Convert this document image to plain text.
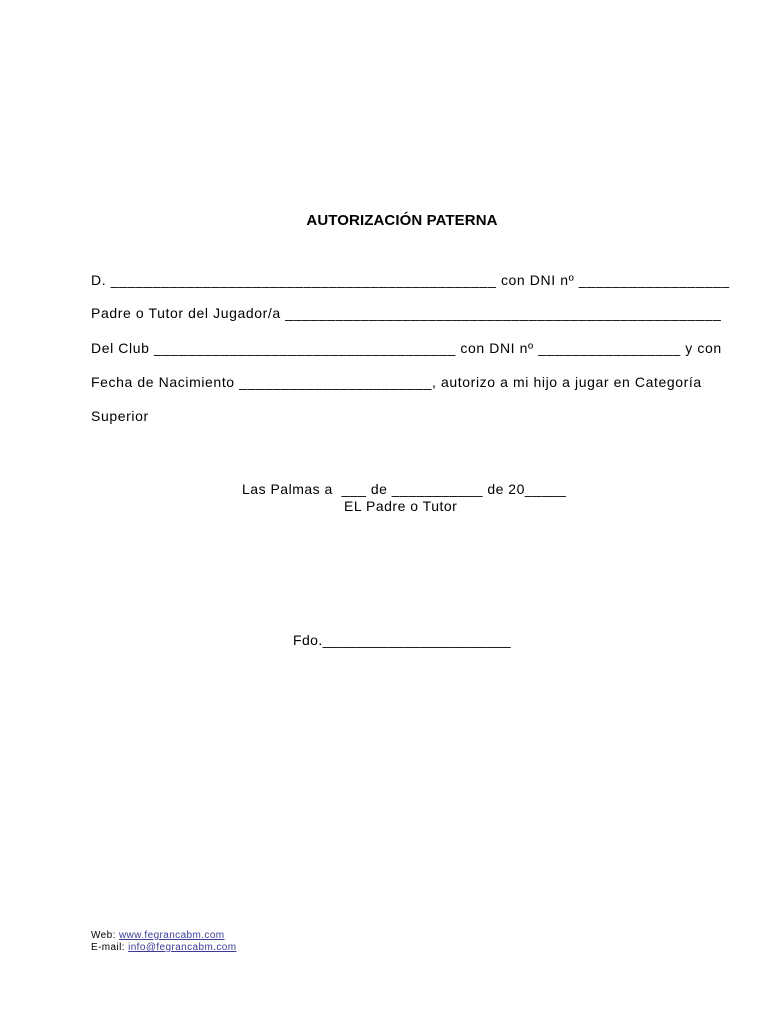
AUTORIZACIÓN PATERNA
D. ______________________________________________ con DNI nº __________________
Padre o Tutor del Jugador/a ____________________________________________________
Del Club ____________________________________ con DNI nº _________________ y con
Fecha de Nacimiento _______________________, autorizo a mi hijo a jugar en Categoría
Superior
Las Palmas a  ___ de ___________ de 20_____
EL Padre o Tutor
Fdo._______________________
Web: www.fegrancabm.com
E-mail: info@fegrancabm.com
